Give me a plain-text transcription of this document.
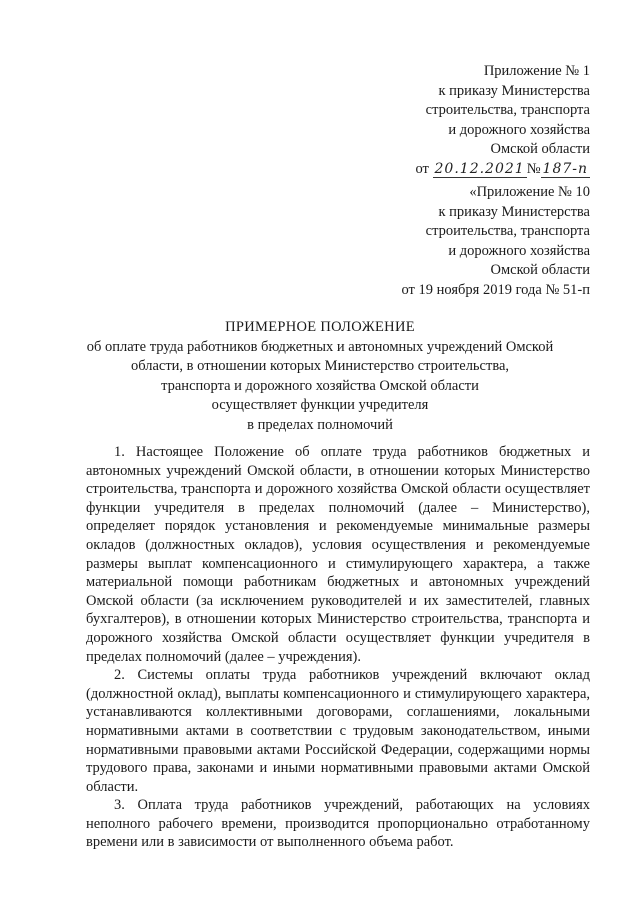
Приложение № 1
к приказу Министерства
строительства, транспорта
и дорожного хозяйства
Омской области
от 20.12.2021 № 187-п
«Приложение № 10
к приказу Министерства
строительства, транспорта
и дорожного хозяйства
Омской области
от 19 ноября 2019 года № 51-п
ПРИМЕРНОЕ ПОЛОЖЕНИЕ
об оплате труда работников бюджетных и автономных учреждений Омской
области, в отношении которых Министерство строительства,
транспорта и дорожного хозяйства Омской области
осуществляет функции учредителя
в пределах полномочий

1. Настоящее Положение об оплате труда работников бюджетных и автономных учреждений Омской области, в отношении которых Министерство строительства, транспорта и дорожного хозяйства Омской области осуществляет функции учредителя в пределах полномочий (далее – Министерство), определяет порядок установления и рекомендуемые минимальные размеры окладов (должностных окладов), условия осуществления и рекомендуемые размеры выплат компенсационного и стимулирующего характера, а также материальной помощи работникам бюджетных и автономных учреждений Омской области (за исключением руководителей и их заместителей, главных бухгалтеров), в отношении которых Министерство строительства, транспорта и дорожного хозяйства Омской области осуществляет функции учредителя в пределах полномочий (далее – учреждения).

2. Системы оплаты труда работников учреждений включают оклад (должностной оклад), выплаты компенсационного и стимулирующего характера, устанавливаются коллективными договорами, соглашениями, локальными нормативными актами в соответствии с трудовым законодательством, иными нормативными правовыми актами Российской Федерации, содержащими нормы трудового права, законами и иными нормативными правовыми актами Омской области.

3. Оплата труда работников учреждений, работающих на условиях неполного рабочего времени, производится пропорционально отработанному времени или в зависимости от выполненного объема работ.
